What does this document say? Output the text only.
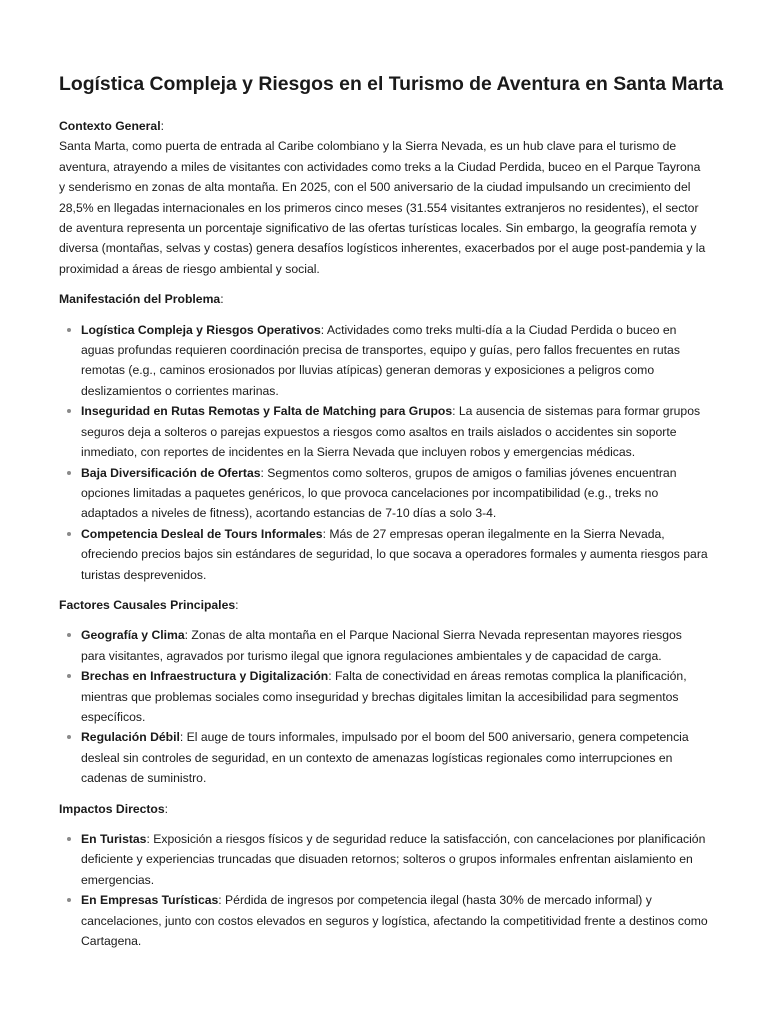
Logística Compleja y Riesgos en el Turismo de Aventura en Santa Marta
Contexto General:

Santa Marta, como puerta de entrada al Caribe colombiano y la Sierra Nevada, es un hub clave para el turismo de aventura, atrayendo a miles de visitantes con actividades como treks a la Ciudad Perdida, buceo en el Parque Tayrona y senderismo en zonas de alta montaña. En 2025, con el 500 aniversario de la ciudad impulsando un crecimiento del 28,5% en llegadas internacionales en los primeros cinco meses (31.554 visitantes extranjeros no residentes), el sector de aventura representa un porcentaje significativo de las ofertas turísticas locales. Sin embargo, la geografía remota y diversa (montañas, selvas y costas) genera desafíos logísticos inherentes, exacerbados por el auge post-pandemia y la proximidad a áreas de riesgo ambiental y social.

Manifestación del Problema:
Logística Compleja y Riesgos Operativos: Actividades como treks multi-día a la Ciudad Perdida o buceo en aguas profundas requieren coordinación precisa de transportes, equipo y guías, pero fallos frecuentes en rutas remotas (e.g., caminos erosionados por lluvias atípicas) generan demoras y exposiciones a peligros como deslizamientos o corrientes marinas.
Inseguridad en Rutas Remotas y Falta de Matching para Grupos: La ausencia de sistemas para formar grupos seguros deja a solteros o parejas expuestos a riesgos como asaltos en trails aislados o accidentes sin soporte inmediato, con reportes de incidentes en la Sierra Nevada que incluyen robos y emergencias médicas.
Baja Diversificación de Ofertas: Segmentos como solteros, grupos de amigos o familias jóvenes encuentran opciones limitadas a paquetes genéricos, lo que provoca cancelaciones por incompatibilidad (e.g., treks no adaptados a niveles de fitness), acortando estancias de 7-10 días a solo 3-4.
Competencia Desleal de Tours Informales: Más de 27 empresas operan ilegalmente en la Sierra Nevada, ofreciendo precios bajos sin estándares de seguridad, lo que socava a operadores formales y aumenta riesgos para turistas desprevenidos.
Factores Causales Principales:
Geografía y Clima: Zonas de alta montaña en el Parque Nacional Sierra Nevada representan mayores riesgos para visitantes, agravados por turismo ilegal que ignora regulaciones ambientales y de capacidad de carga.
Brechas en Infraestructura y Digitalización: Falta de conectividad en áreas remotas complica la planificación, mientras que problemas sociales como inseguridad y brechas digitales limitan la accesibilidad para segmentos específicos.
Regulación Débil: El auge de tours informales, impulsado por el boom del 500 aniversario, genera competencia desleal sin controles de seguridad, en un contexto de amenazas logísticas regionales como interrupciones en cadenas de suministro.
Impactos Directos:
En Turistas: Exposición a riesgos físicos y de seguridad reduce la satisfacción, con cancelaciones por planificación deficiente y experiencias truncadas que disuaden retornos; solteros o grupos informales enfrentan aislamiento en emergencias.
En Empresas Turísticas: Pérdida de ingresos por competencia ilegal (hasta 30% de mercado informal) y cancelaciones, junto con costos elevados en seguros y logística, afectando la competitividad frente a destinos como Cartagena.
